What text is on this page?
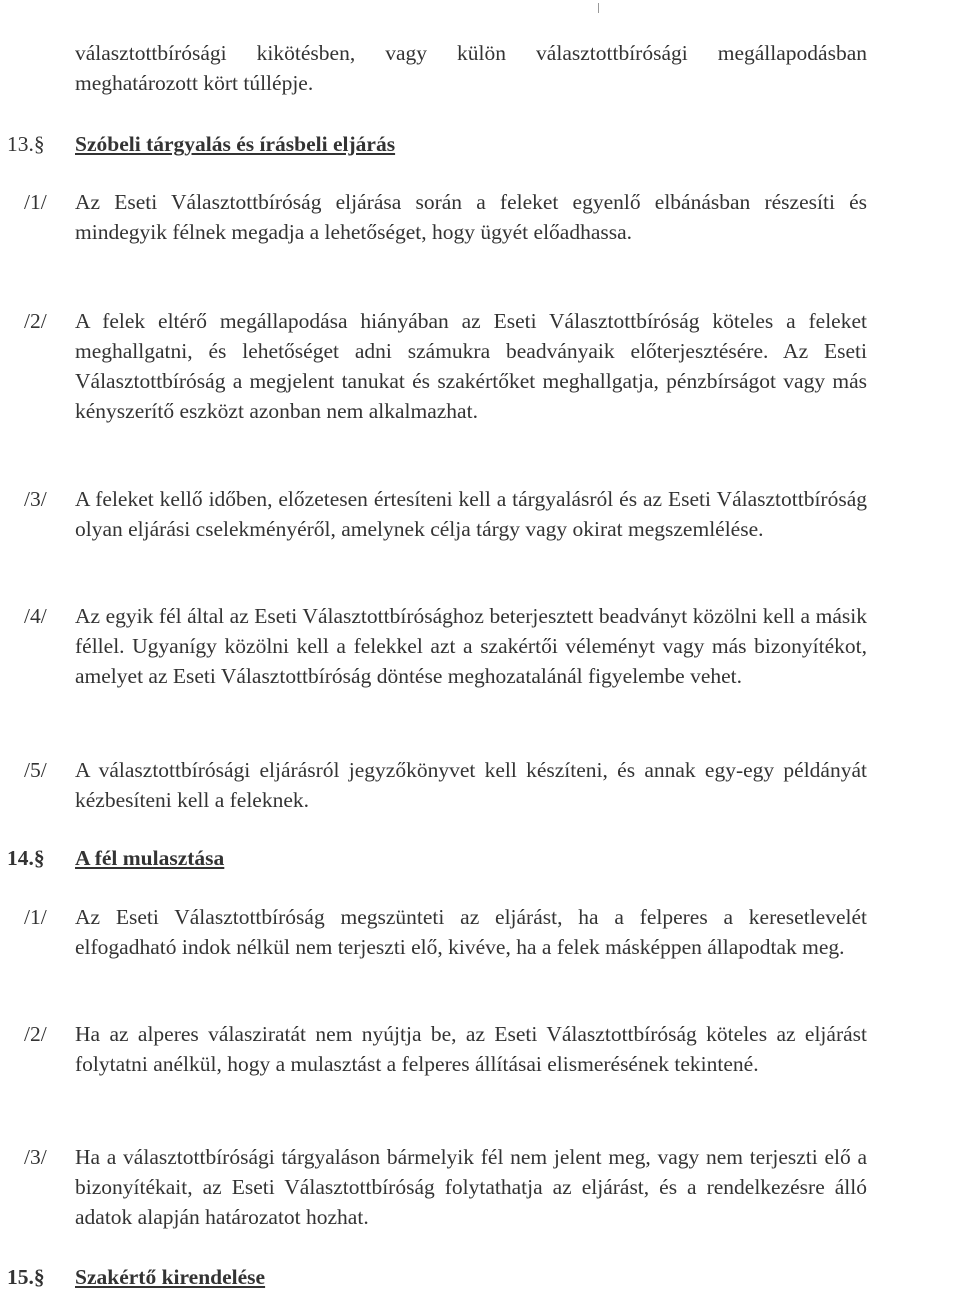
választottbírósági kikötésben, vagy külön választottbírósági megállapodásban meghatározott kört túllépje.
13.§ Szóbeli tárgyalás és írásbeli eljárás
/1/ Az Eseti Választottbíróság eljárása során a feleket egyenlő elbánásban részesíti és mindegyik félnek megadja a lehetőséget, hogy ügyét előadhassa.
/2/ A felek eltérő megállapodása hiányában az Eseti Választottbíróság köteles a feleket meghallgatni, és lehetőséget adni számukra beadványaik előterjesztésére. Az Eseti Választottbíróság a megjelent tanukat és szakértőket meghallgatja, pénzbírságot vagy más kényszerítő eszközt azonban nem alkalmazhat.
/3/ A feleket kellő időben, előzetesen értesíteni kell a tárgyalásról és az Eseti Választottbíróság olyan eljárási cselekményéről, amelynek célja tárgy vagy okirat megszemlélése.
/4/ Az egyik fél által az Eseti Választottbírósághoz beterjesztett beadványt közölni kell a másik féllel. Ugyanígy közölni kell a felekkel azt a szakértői véleményt vagy más bizonyítékot, amelyet az Eseti Választottbíróság döntése meghozatalánál figyelembe vehet.
/5/ A választottbírósági eljárásról jegyzőkönyvet kell készíteni, és annak egy-egy példányát kézbesíteni kell a feleknek.
14.§ A fél mulasztása
/1/ Az Eseti Választottbíróság megszünteti az eljárást, ha a felperes a keresetlevelét elfogadható indok nélkül nem terjeszti elő, kivéve, ha a felek másképpen állapodtak meg.
/2/ Ha az alperes válasziratát nem nyújtja be, az Eseti Választottbíróság köteles az eljárást folytatni anélkül, hogy a mulasztást a felperes állításai elismerésének tekintené.
/3/ Ha a választottbírósági tárgyaláson bármelyik fél nem jelent meg, vagy nem terjeszti elő a bizonyítékait, az Eseti Választottbíróság folytathatja az eljárást, és a rendelkezésre álló adatok alapján határozatot hozhat.
15.§ Szakértő kirendelése
